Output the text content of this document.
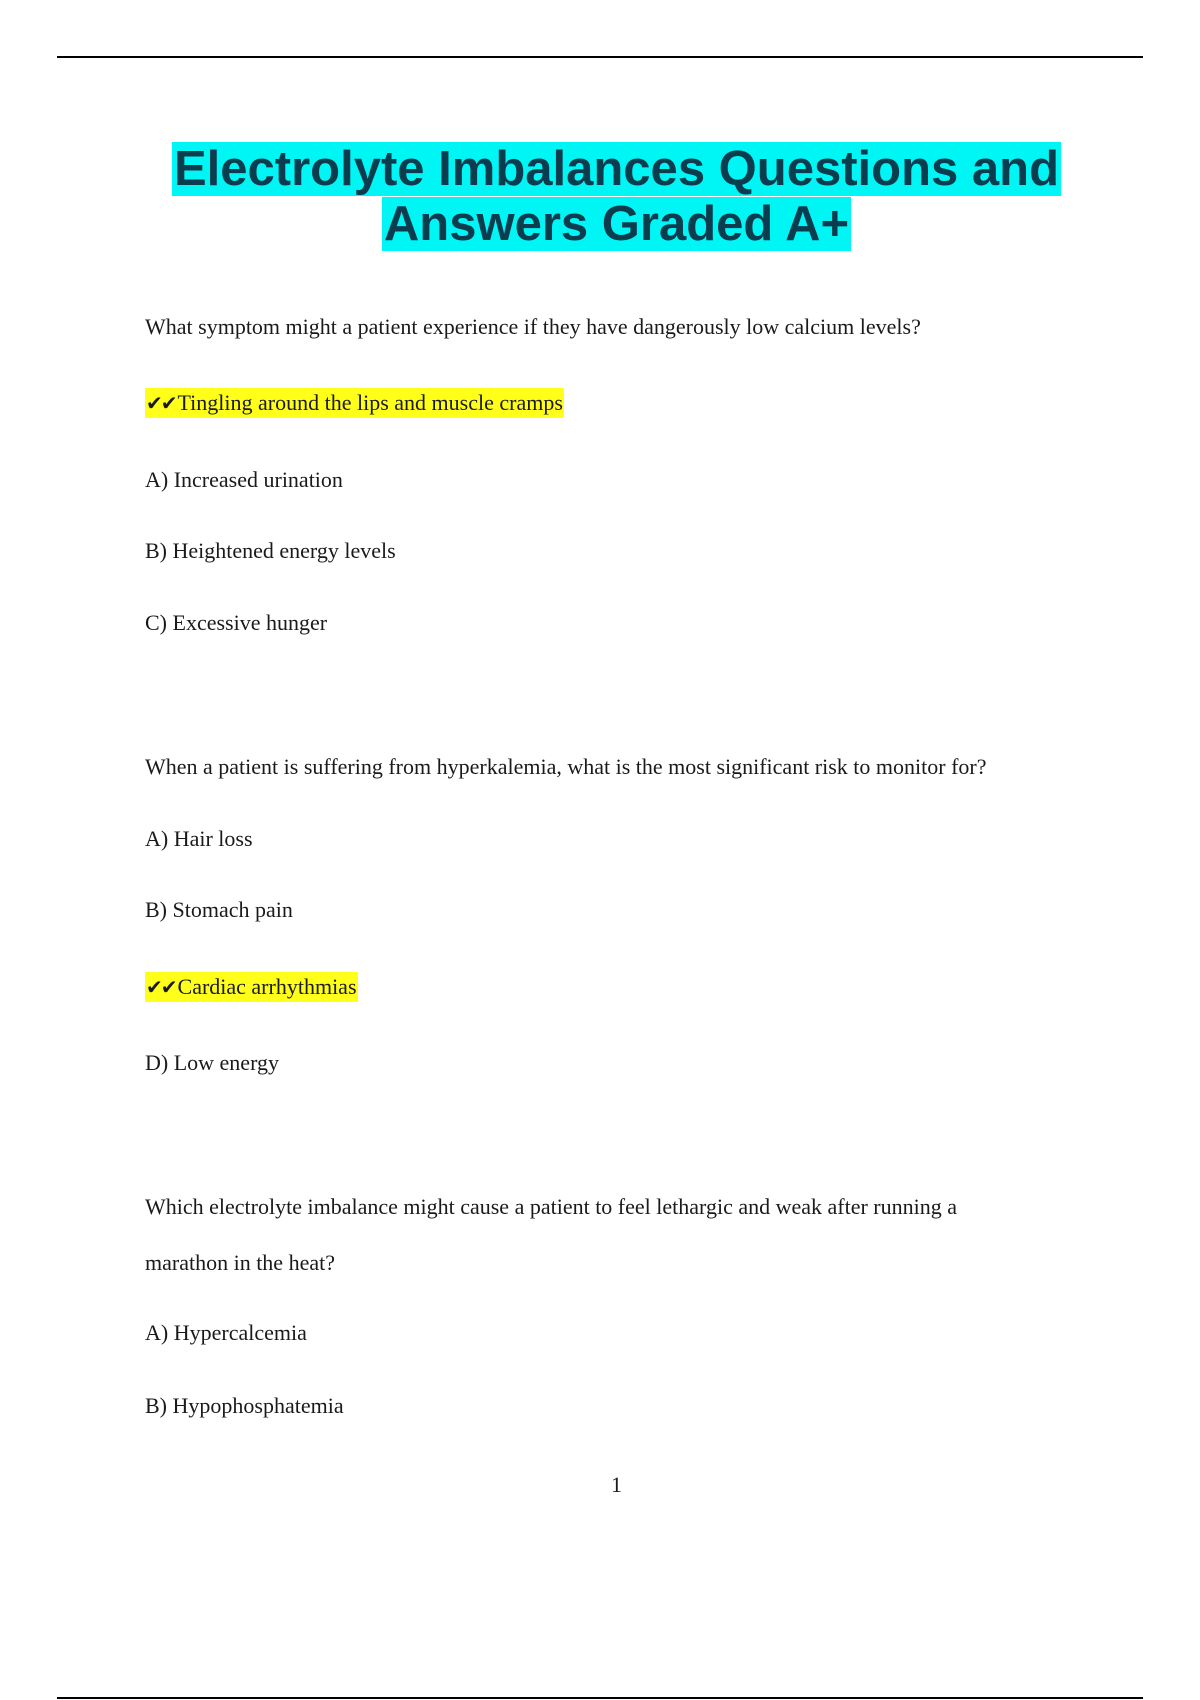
Electrolyte Imbalances Questions and
Answers Graded A+
What symptom might a patient experience if they have dangerously low calcium levels?
✔✔Tingling around the lips and muscle cramps
A) Increased urination
B) Heightened energy levels
C) Excessive hunger
When a patient is suffering from hyperkalemia, what is the most significant risk to monitor for?
A) Hair loss
B) Stomach pain
✔✔Cardiac arrhythmias
D) Low energy
Which electrolyte imbalance might cause a patient to feel lethargic and weak after running a
marathon in the heat?
A) Hypercalcemia
B) Hypophosphatemia
1
